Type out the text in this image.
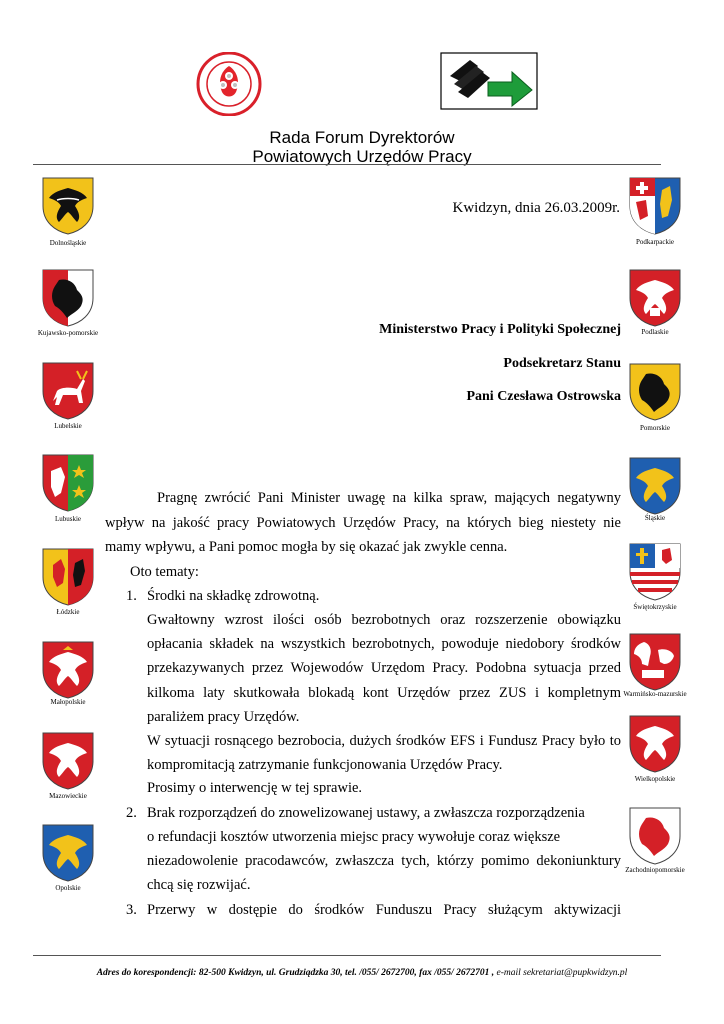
Rada Forum Dyrektorów
Powiatowych Urzędów Pracy
Dolnośląskie
Kujawsko-pomorskie
Lubelskie
Lubuskie
Łódzkie
Małopolskie
Mazowieckie
Opolskie
Podkarpackie
Podlaskie
Pomorskie
Śląskie
Świętokrzyskie
Warmińsko-mazurskie
Wielkopolskie
Zachodniopomorskie
Kwidzyn, dnia 26.03.2009r.
Ministerstwo Pracy i Polityki Społecznej
Podsekretarz Stanu
Pani Czesława Ostrowska
Pragnę zwrócić Pani Minister uwagę na kilka spraw, mających negatywny
wpływ na jakość pracy Powiatowych Urzędów Pracy, na których bieg niestety nie
mamy wpływu, a Pani pomoc mogła by się okazać jak zwykle cenna.
Oto tematy:
1. Środki na składkę zdrowotną.
Gwałtowny wzrost ilości osób bezrobotnych oraz rozszerzenie obowiązku
opłacania składek na wszystkich bezrobotnych, powoduje niedobory środków
przekazywanych przez Wojewodów Urzędom Pracy. Podobna sytuacja przed
kilkoma laty skutkowała blokadą kont Urzędów przez ZUS i kompletnym
paraliżem pracy Urzędów.
W sytuacji rosnącego bezrobocia, dużych środków EFS i Fundusz Pracy było to
kompromitacją zatrzymanie funkcjonowania Urzędów Pracy.
Prosimy o interwencję w tej sprawie.
2. Brak rozporządzeń do znowelizowanej ustawy, a zwłaszcza rozporządzenia
o refundacji kosztów utworzenia miejsc pracy wywołuje coraz większe
niezadowolenie pracodawców, zwłaszcza tych, którzy pomimo dekoniunktury
chcą się rozwijać.
3. Przerwy w dostępie do środków Funduszu Pracy służącym aktywizacji
Adres do korespondencji: 82-500 Kwidzyn, ul. Grudziądzka 30, tel. /055/ 2672700, fax /055/ 2672701 , e-mail sekretariat@pupkwidzyn.pl
